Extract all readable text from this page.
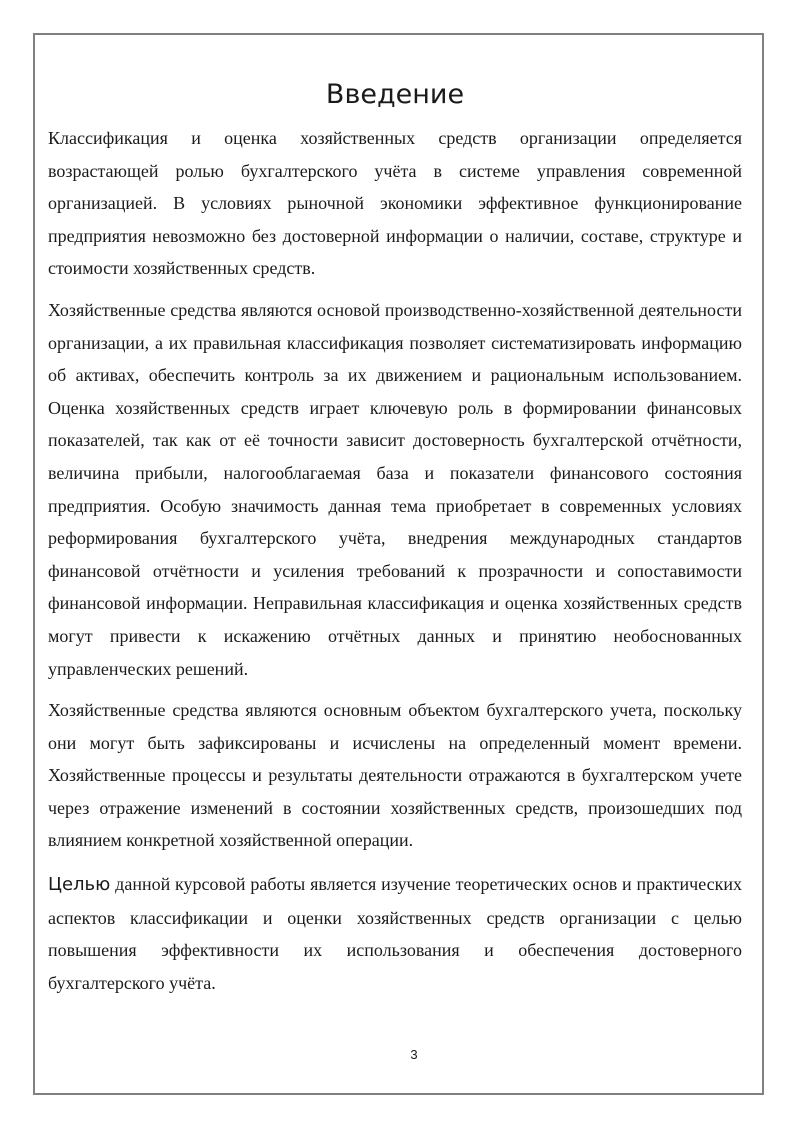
Введение

Классификация и оценка хозяйственных средств организации определяется возрастающей ролью бухгалтерского учёта в системе управления современной организацией. В условиях рыночной экономики эффективное функционирование предприятия невозможно без достоверной информации о наличии, составе, структуре и стоимости хозяйственных средств.

Хозяйственные средства являются основой производственно-хозяйственной деятельности организации, а их правильная классификация позволяет систематизировать информацию об активах, обеспечить контроль за их движением и рациональным использованием. Оценка хозяйственных средств играет ключевую роль в формировании финансовых показателей, так как от её точности зависит достоверность бухгалтерской отчётности, величина прибыли, налогооблагаемая база и показатели финансового состояния предприятия. Особую значимость данная тема приобретает в современных условиях реформирования бухгалтерского учёта, внедрения международных стандартов финансовой отчётности и усиления требований к прозрачности и сопоставимости финансовой информации. Неправильная классификация и оценка хозяйственных средств могут привести к искажению отчётных данных и принятию необоснованных управленческих решений.

Хозяйственные средства являются основным объектом бухгалтерского учета, поскольку они могут быть зафиксированы и исчислены на определенный момент времени. Хозяйственные процессы и результаты деятельности отражаются в бухгалтерском учете через отражение изменений в состоянии хозяйственных средств, произошедших под влиянием конкретной хозяйственной операции.

Целью данной курсовой работы является изучение теоретических основ и практических аспектов классификации и оценки хозяйственных средств организации с целью повышения эффективности их использования и обеспечения достоверного бухгалтерского учёта.

3
